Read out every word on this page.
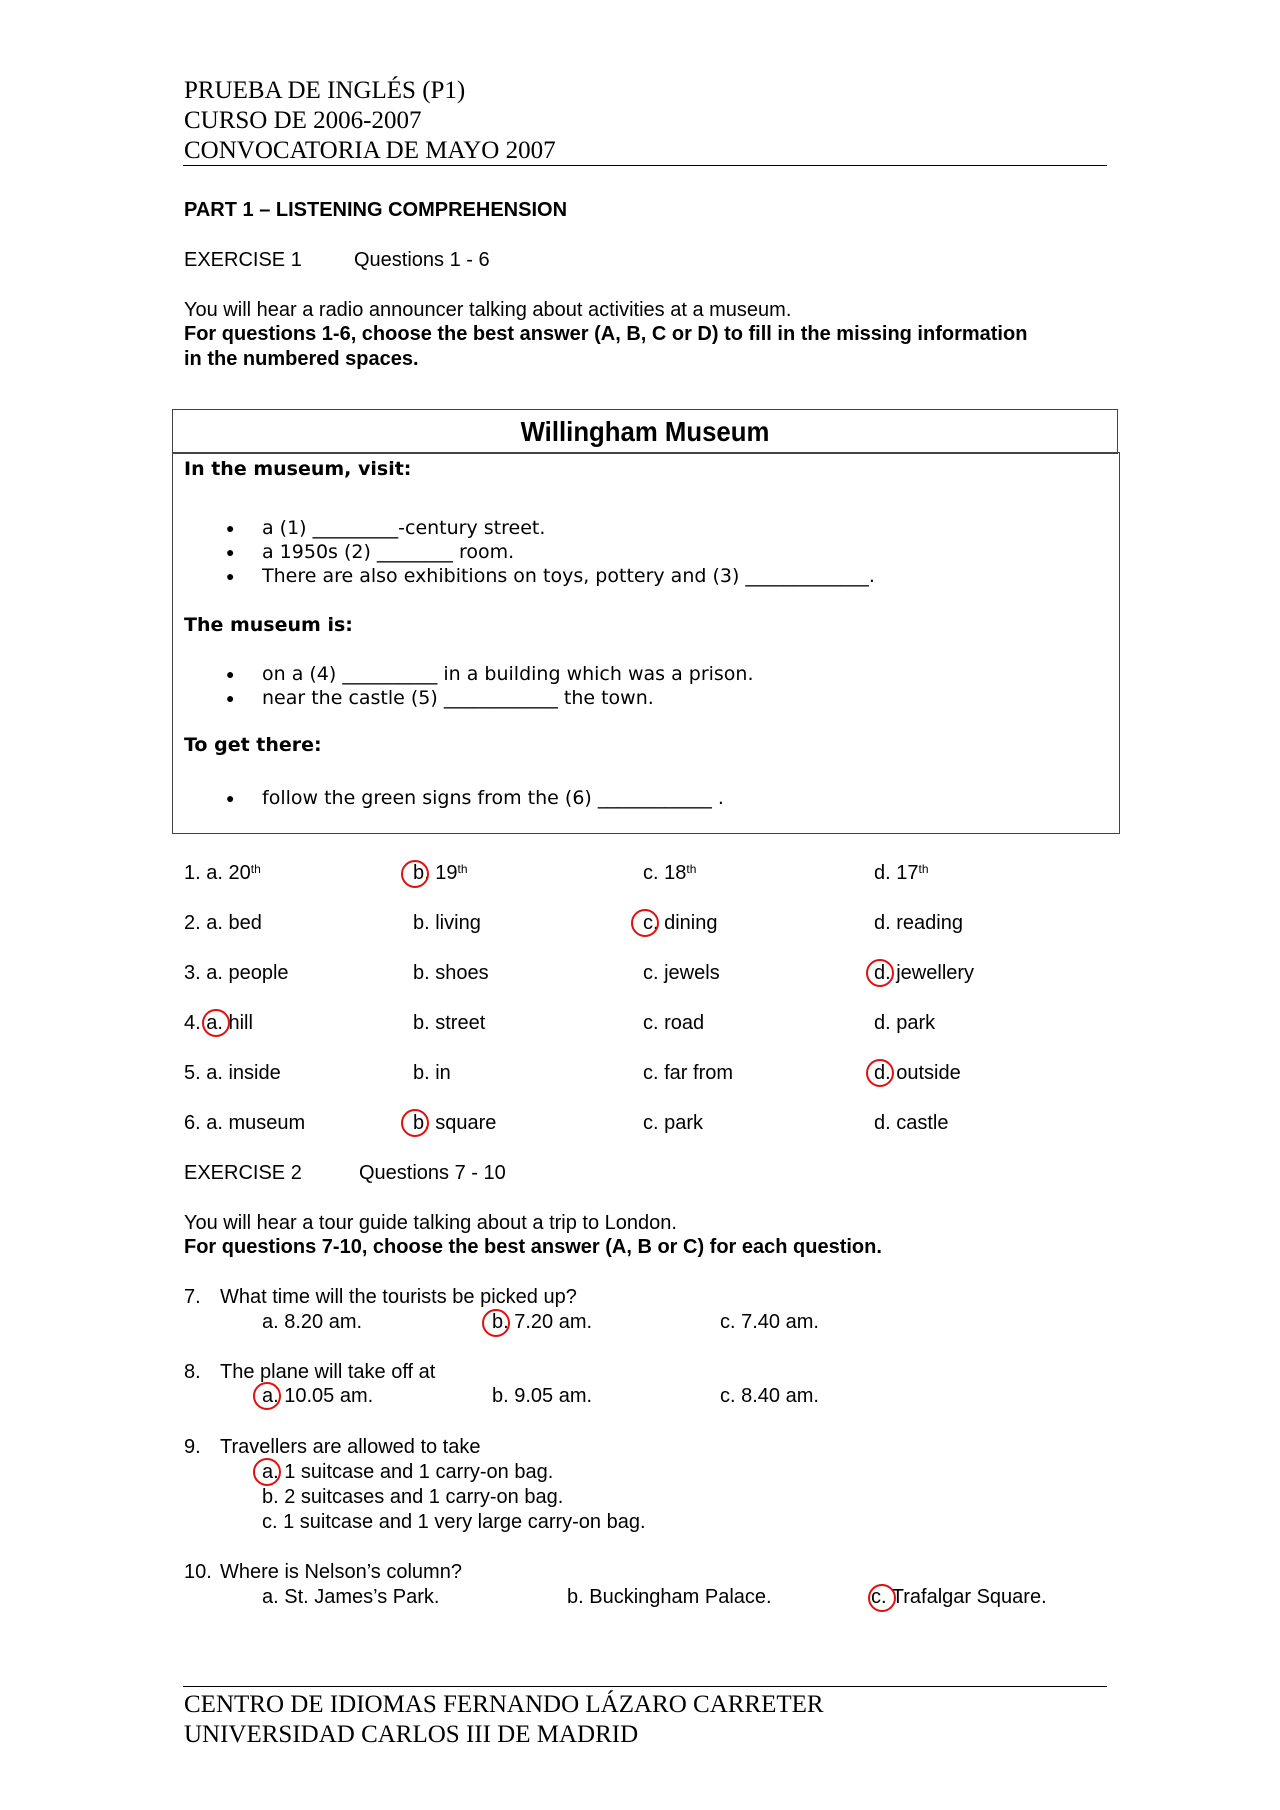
PRUEBA DE INGLÉS (P1)
CURSO DE 2006-2007
CONVOCATORIA DE MAYO 2007
PART 1 – LISTENING COMPREHENSION
EXERCISE 1	Questions 1 - 6
You will hear a radio announcer talking about activities at a museum.
For questions 1-6, choose the best answer (A, B, C or D) to fill in the missing information
in the numbered spaces.
Willingham Museum
In the museum, visit:
● a (1) _________-century street.
● a 1950s (2) ________ room.
● There are also exhibitions on toys, pottery and (3) _____________.
The museum is:
● on a (4) __________ in a building which was a prison.
● near the castle (5) ____________ the town.
To get there:
● follow the green signs from the (6) ____________ .
1. a. 20th	b. 19th	c. 18th	d. 17th
2. a. bed	b. living	c. dining	d. reading
3. a. people	b. shoes	c. jewels	d. jewellery
4. a. hill	b. street	c. road	d. park
5. a. inside	b. in	c. far from	d. outside
6. a. museum	b. square	c. park	d. castle
EXERCISE 2	Questions 7 - 10
You will hear a tour guide talking about a trip to London.
For questions 7-10, choose the best answer (A, B or C) for each question.
7. What time will the tourists be picked up?
a. 8.20 am.	b. 7.20 am.	c. 7.40 am.
8. The plane will take off at
a. 10.05 am.	b. 9.05 am.	c. 8.40 am.
9. Travellers are allowed to take
a. 1 suitcase and 1 carry-on bag.
b. 2 suitcases and 1 carry-on bag.
c. 1 suitcase and 1 very large carry-on bag.
10. Where is Nelson’s column?
a. St. James’s Park.	b. Buckingham Palace.	c. Trafalgar Square.
CENTRO DE IDIOMAS FERNANDO LÁZARO CARRETER
UNIVERSIDAD CARLOS III DE MADRID
